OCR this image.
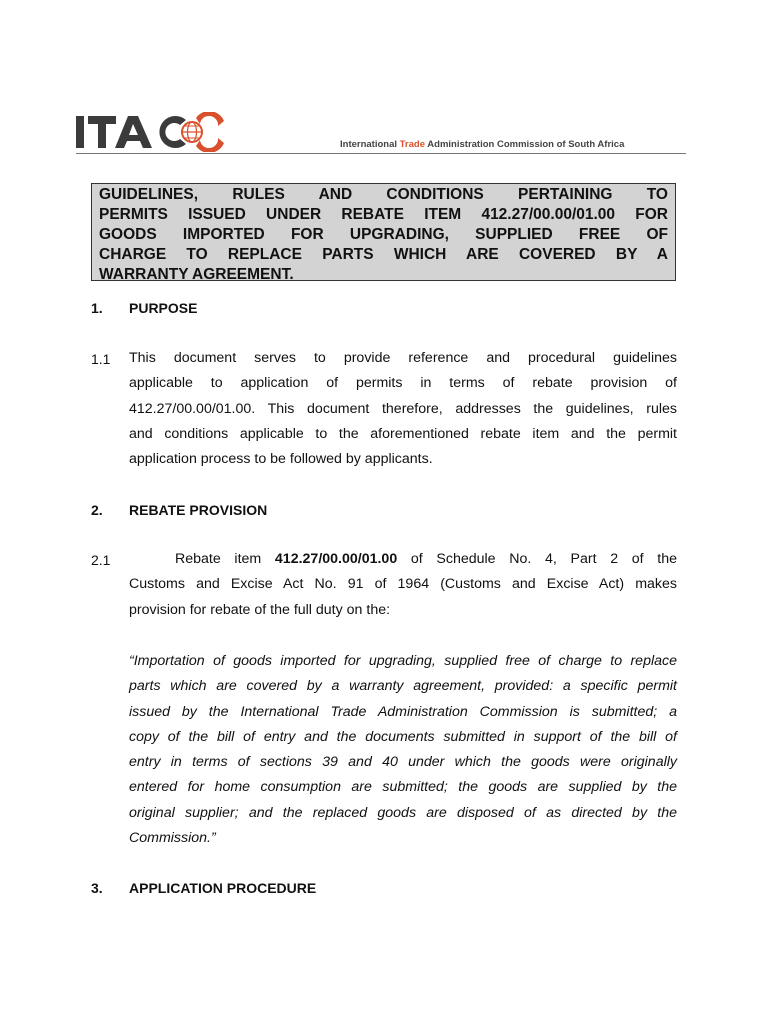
International Trade Administration Commission of South Africa

GUIDELINES, RULES AND CONDITIONS PERTAINING TO

PERMITS ISSUED UNDER REBATE ITEM 412.27/00.00/01.00 FOR

GOODS IMPORTED FOR UPGRADING, SUPPLIED FREE OF

CHARGE TO REPLACE PARTS WHICH ARE COVERED BY A

WARRANTY AGREEMENT.

1. PURPOSE
1.1 This document serves to provide reference and procedural guidelines
applicable to application of permits in terms of rebate provision of
412.27/00.00/01.00. This document therefore, addresses the guidelines, rules
and conditions applicable to the aforementioned rebate item and the permit
application process to be followed by applicants.
2. REBATE PROVISION
2.1	Rebate item 412.27/00.00/01.00 of Schedule No. 4, Part 2 of the
Customs and Excise Act No. 91 of 1964 (Customs and Excise Act) makes
provision for rebate of the full duty on the:
“Importation of goods imported for upgrading, supplied free of charge to replace
parts which are covered by a warranty agreement, provided: a specific permit
issued by the International Trade Administration Commission is submitted; a
copy of the bill of entry and the documents submitted in support of the bill of
entry in terms of sections 39 and 40 under which the goods were originally
entered for home consumption are submitted; the goods are supplied by the
original supplier; and the replaced goods are disposed of as directed by the
Commission.”
3. APPLICATION PROCEDURE
